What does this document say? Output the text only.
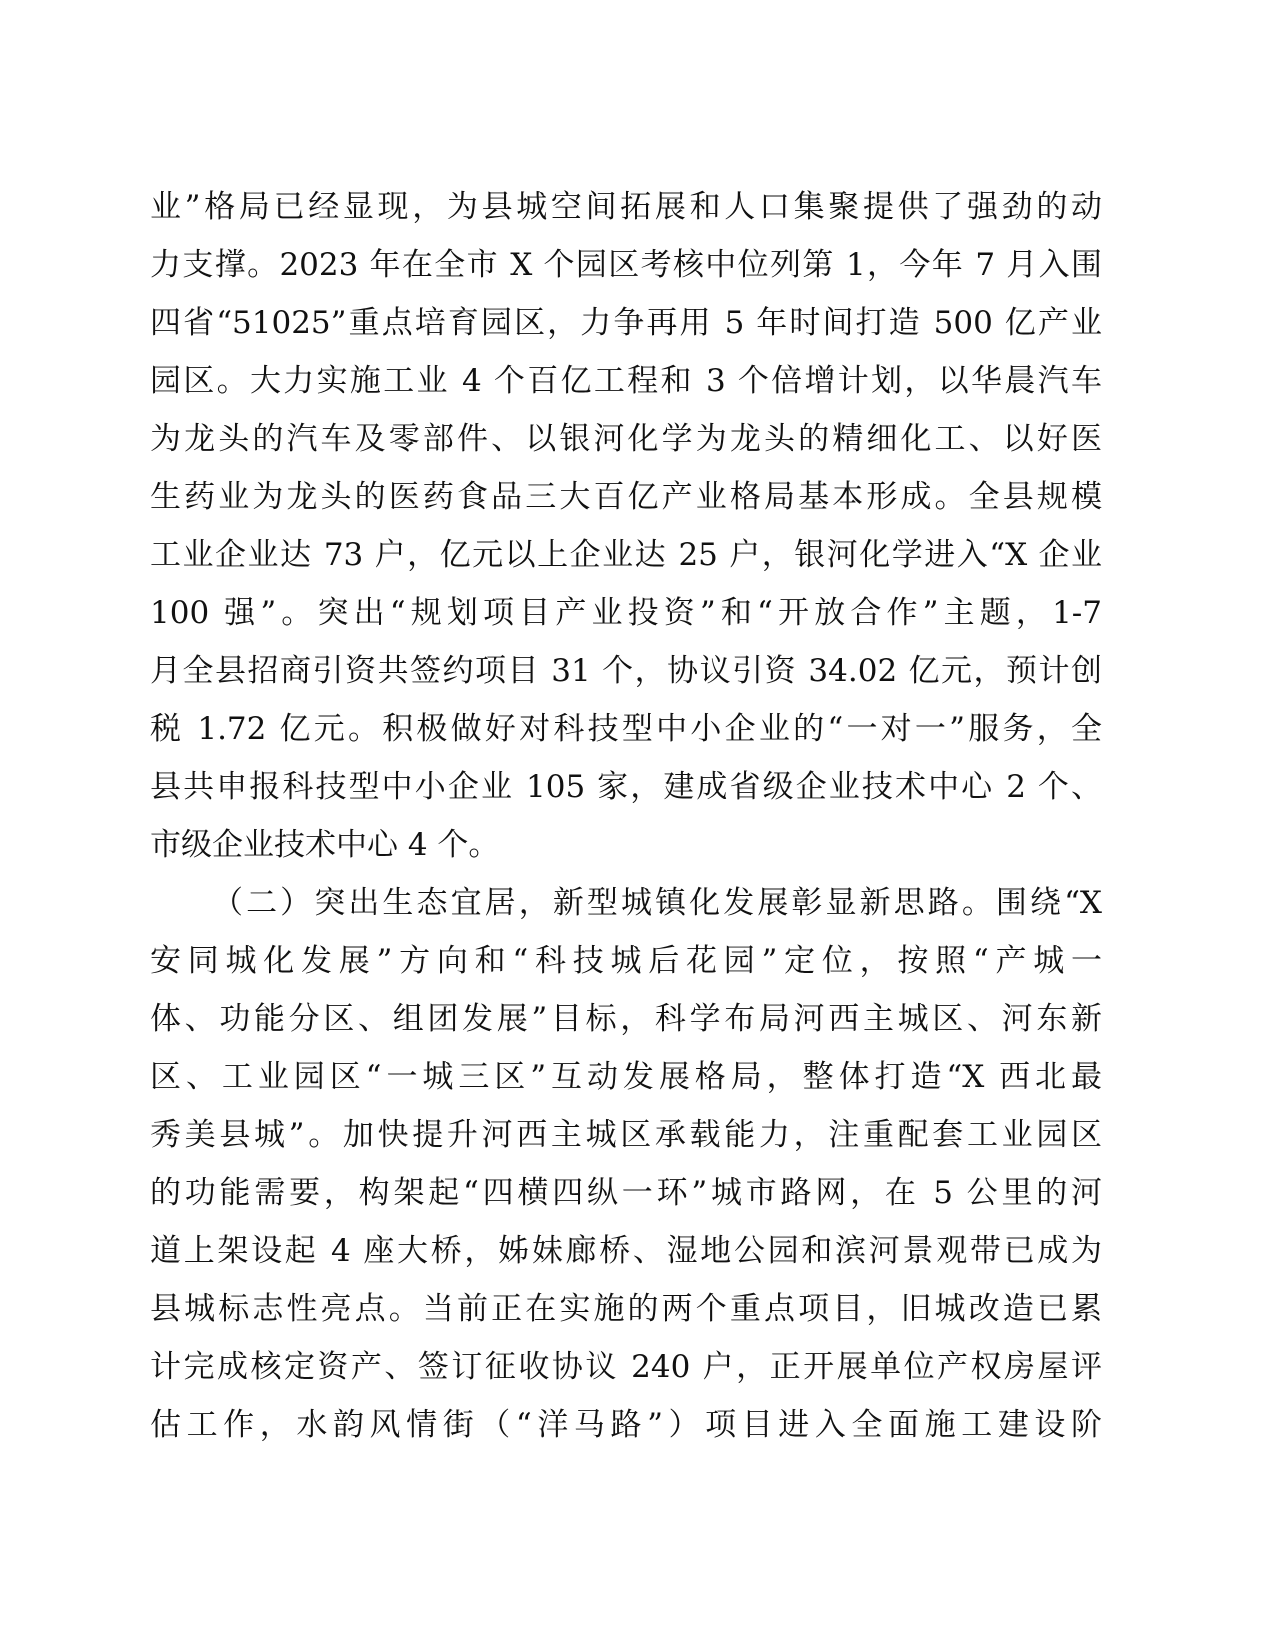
业”格局已经显现，为县城空间拓展和人口集聚提供了强劲的动
力支撑。2023 年在全市 X 个园区考核中位列第 1，今年 7 月入围
四省“51025”重点培育园区，力争再用 5 年时间打造 500 亿产业
园区。大力实施工业 4 个百亿工程和 3 个倍增计划，以华晨汽车
为龙头的汽车及零部件、以银河化学为龙头的精细化工、以好医
生药业为龙头的医药食品三大百亿产业格局基本形成。全县规模
工业企业达 73 户，亿元以上企业达 25 户，银河化学进入“X 企业
100 强”。突出“规划项目产业投资”和“开放合作”主题，1-7
月全县招商引资共签约项目 31 个，协议引资 34.02 亿元，预计创
税 1.72 亿元。积极做好对科技型中小企业的“一对一”服务，全
县共申报科技型中小企业 105 家，建成省级企业技术中心 2 个、
市级企业技术中心 4 个。
（二）突出生态宜居，新型城镇化发展彰显新思路。围绕“X
安同城化发展”方向和“科技城后花园”定位，按照“产城一
体、功能分区、组团发展”目标，科学布局河西主城区、河东新
区、工业园区“一城三区”互动发展格局，整体打造“X 西北最
秀美县城”。加快提升河西主城区承载能力，注重配套工业园区
的功能需要，构架起“四横四纵一环”城市路网，在 5 公里的河
道上架设起 4 座大桥，姊妹廊桥、湿地公园和滨河景观带已成为
县城标志性亮点。当前正在实施的两个重点项目，旧城改造已累
计完成核定资产、签订征收协议 240 户，正开展单位产权房屋评
估工作，水韵风情街（“洋马路”）项目进入全面施工建设阶
